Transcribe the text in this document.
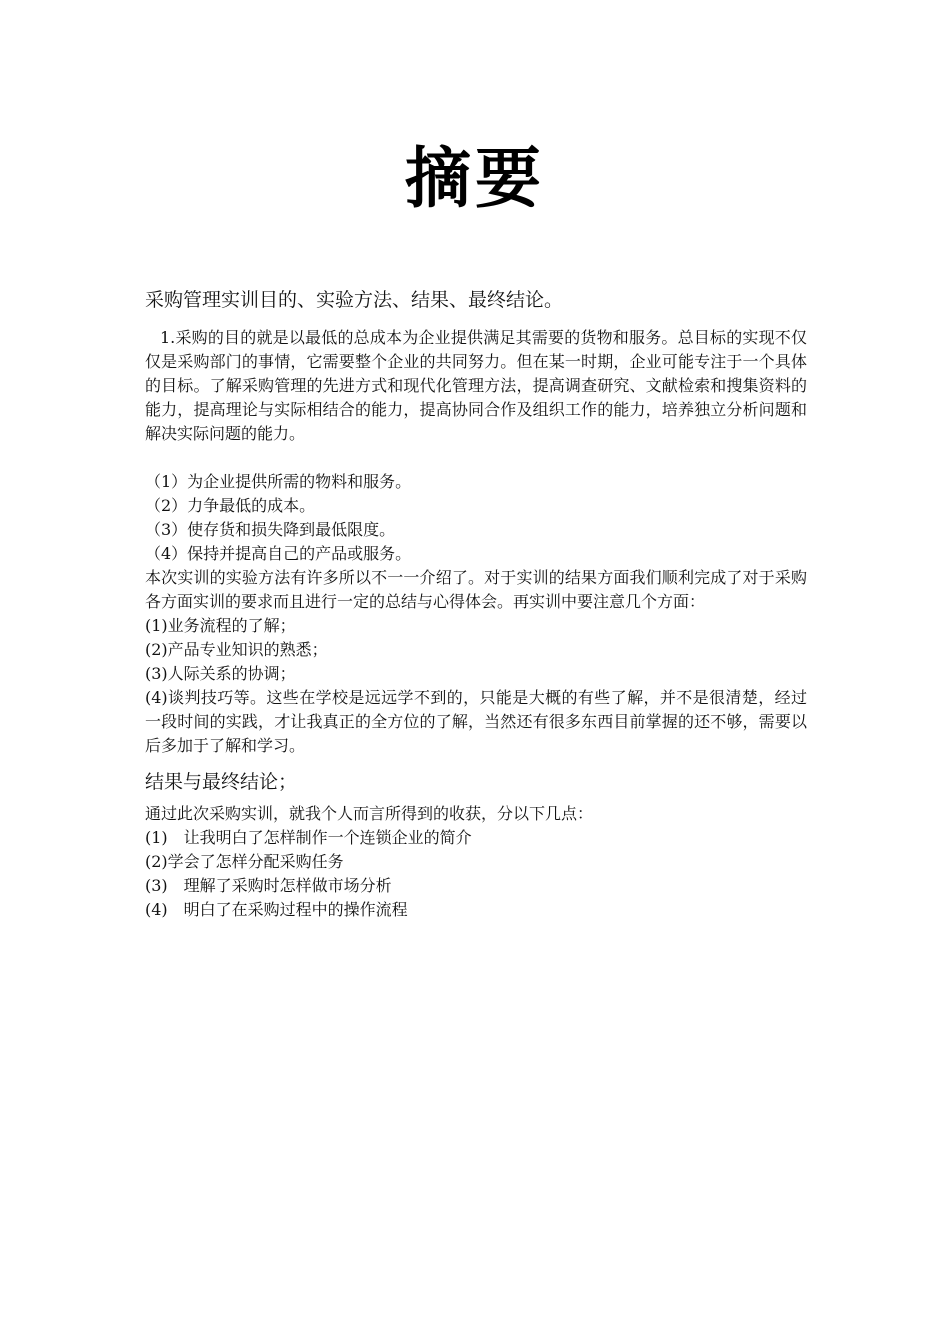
摘要

采购管理实训目的、实验方法、结果、最终结论。

1.采购的目的就是以最低的总成本为企业提供满足其需要的货物和服务。总目标的实现不仅仅是采购部门的事情，它需要整个企业的共同努力。但在某一时期，企业可能专注于一个具体的目标。了解采购管理的先进方式和现代化管理方法，提高调查研究、文献检索和搜集资料的能力，提高理论与实际相结合的能力，提高协同合作及组织工作的能力，培养独立分析问题和解决实际问题的能力。

（1）为企业提供所需的物料和服务。

（2）力争最低的成本。

（3）使存货和损失降到最低限度。

（4）保持并提高自己的产品或服务。

本次实训的实验方法有许多所以不一一介绍了。对于实训的结果方面我们顺利完成了对于采购各方面实训的要求而且进行一定的总结与心得体会。再实训中要注意几个方面：

(1)业务流程的了解；

(2)产品专业知识的熟悉；

(3)人际关系的协调；

(4)谈判技巧等。这些在学校是远远学不到的，只能是大概的有些了解，并不是很清楚，经过一段时间的实践，才让我真正的全方位的了解，当然还有很多东西目前掌握的还不够，需要以后多加于了解和学习。

结果与最终结论；

通过此次采购实训，就我个人而言所得到的收获，分以下几点：

(1)　让我明白了怎样制作一个连锁企业的简介

(2)学会了怎样分配采购任务

(3)　理解了采购时怎样做市场分析

(4)　明白了在采购过程中的操作流程
